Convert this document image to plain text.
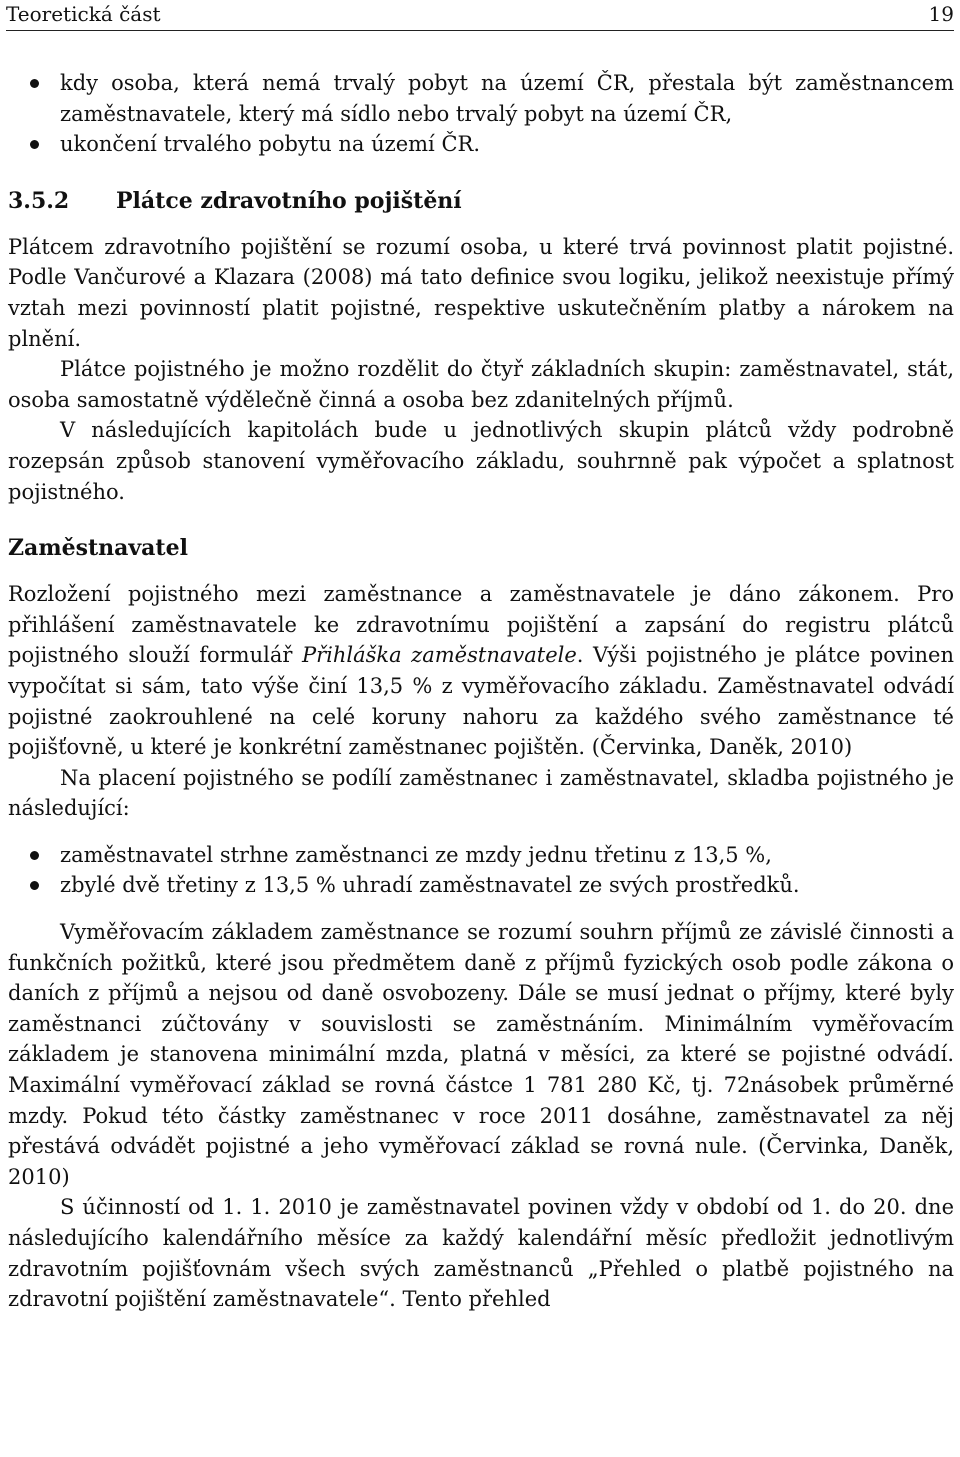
Teoretická část	19
kdy osoba, která nemá trvalý pobyt na území ČR, přestala být zaměstnancem zaměstnavatele, který má sídlo nebo trvalý pobyt na území ČR,
ukončení trvalého pobytu na území ČR.
3.5.2 Plátce zdravotního pojištění

Plátcem zdravotního pojištění se rozumí osoba, u které trvá povinnost platit pojistné. Podle Vančurové a Klazara (2008) má tato definice svou logiku, jelikož neexistuje přímý vztah mezi povinností platit pojistné, respektive uskutečněním platby a nárokem na plnění.

Plátce pojistného je možno rozdělit do čtyř základních skupin: zaměstnavatel, stát, osoba samostatně výdělečně činná a osoba bez zdanitelných příjmů.

V následujících kapitolách bude u jednotlivých skupin plátců vždy podrobně rozepsán způsob stanovení vyměřovacího základu, souhrnně pak výpočet a splatnost pojistného.

Zaměstnavatel

Rozložení pojistného mezi zaměstnance a zaměstnavatele je dáno zákonem. Pro přihlášení zaměstnavatele ke zdravotnímu pojištění a zapsání do registru plátců pojistného slouží formulář Přihláška zaměstnavatele. Výši pojistného je plátce povinen vypočítat si sám, tato výše činí 13,5 % z vyměřovacího základu. Zaměstnavatel odvádí pojistné zaokrouhlené na celé koruny nahoru za každého svého zaměstnance té pojišťovně, u které je konkrétní zaměstnanec pojištěn. (Červinka, Daněk, 2010)

Na placení pojistného se podílí zaměstnanec i zaměstnavatel, skladba pojistného je následující:

zaměstnavatel strhne zaměstnanci ze mzdy jednu třetinu z 13,5 %,
zbylé dvě třetiny z 13,5 % uhradí zaměstnavatel ze svých prostředků.

Vyměřovacím základem zaměstnance se rozumí souhrn příjmů ze závislé činnosti a funkčních požitků, které jsou předmětem daně z příjmů fyzických osob podle zákona o daních z příjmů a nejsou od daně osvobozeny. Dále se musí jednat o příjmy, které byly zaměstnanci zúčtovány v souvislosti se zaměstnáním. Minimálním vyměřovacím základem je stanovena minimální mzda, platná v měsíci, za které se pojistné odvádí. Maximální vyměřovací základ se rovná částce 1 781 280 Kč, tj. 72násobek průměrné mzdy. Pokud této částky zaměstnanec v roce 2011 dosáhne, zaměstnavatel za něj přestává odvádět pojistné a jeho vyměřovací základ se rovná nule. (Červinka, Daněk, 2010)

S účinností od 1. 1. 2010 je zaměstnavatel povinen vždy v období od 1. do 20. dne následujícího kalendářního měsíce za každý kalendářní měsíc předložit jednotlivým zdravotním pojišťovnám všech svých zaměstnanců „Přehled o platbě pojistného na zdravotní pojištění zaměstnavatele“. Tento přehled
